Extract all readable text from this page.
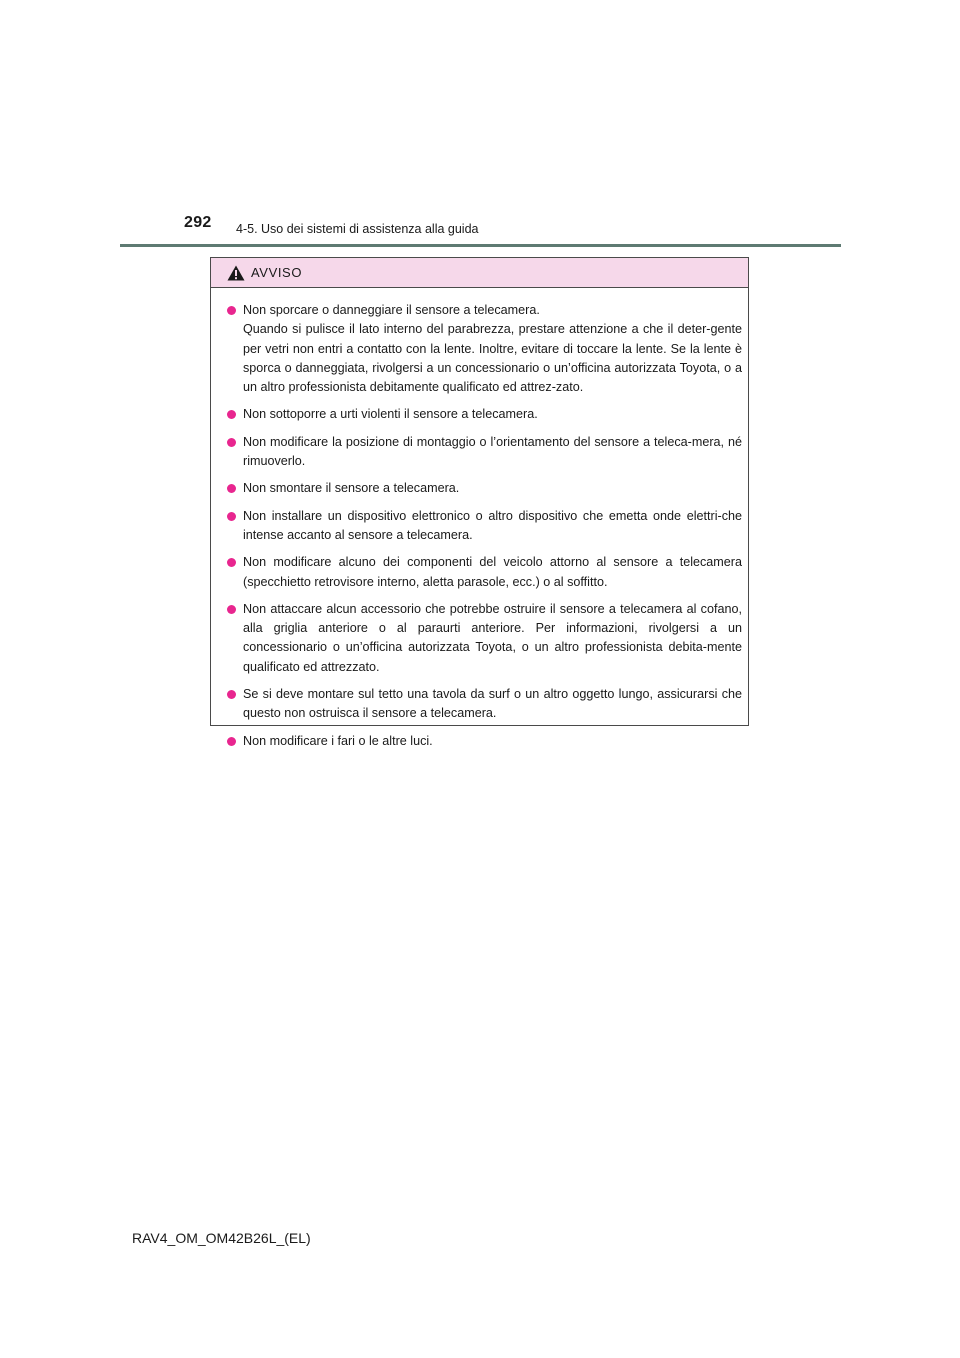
292 4-5. Uso dei sistemi di assistenza alla guida
AVVISO
Non sporcare o danneggiare il sensore a telecamera.
Quando si pulisce il lato interno del parabrezza, prestare attenzione a che il deter-gente per vetri non entri a contatto con la lente. Inoltre, evitare di toccare la lente. Se la lente è sporca o danneggiata, rivolgersi a un concessionario o un’officina autorizzata Toyota, o a un altro professionista debitamente qualificato ed attrez-zato.
Non sottoporre a urti violenti il sensore a telecamera.
Non modificare la posizione di montaggio o l’orientamento del sensore a teleca-mera, né rimuoverlo.
Non smontare il sensore a telecamera.
Non installare un dispositivo elettronico o altro dispositivo che emetta onde elettri-che intense accanto al sensore a telecamera.
Non modificare alcuno dei componenti del veicolo attorno al sensore a telecamera (specchietto retrovisore interno, aletta parasole, ecc.) o al soffitto.
Non attaccare alcun accessorio che potrebbe ostruire il sensore a telecamera al cofano, alla griglia anteriore o al paraurti anteriore. Per informazioni, rivolgersi a un concessionario o un’officina autorizzata Toyota, o un altro professionista debita-mente qualificato ed attrezzato.
Se si deve montare sul tetto una tavola da surf o un altro oggetto lungo, assicurarsi che questo non ostruisca il sensore a telecamera.
Non modificare i fari o le altre luci.
RAV4_OM_OM42B26L_(EL)
